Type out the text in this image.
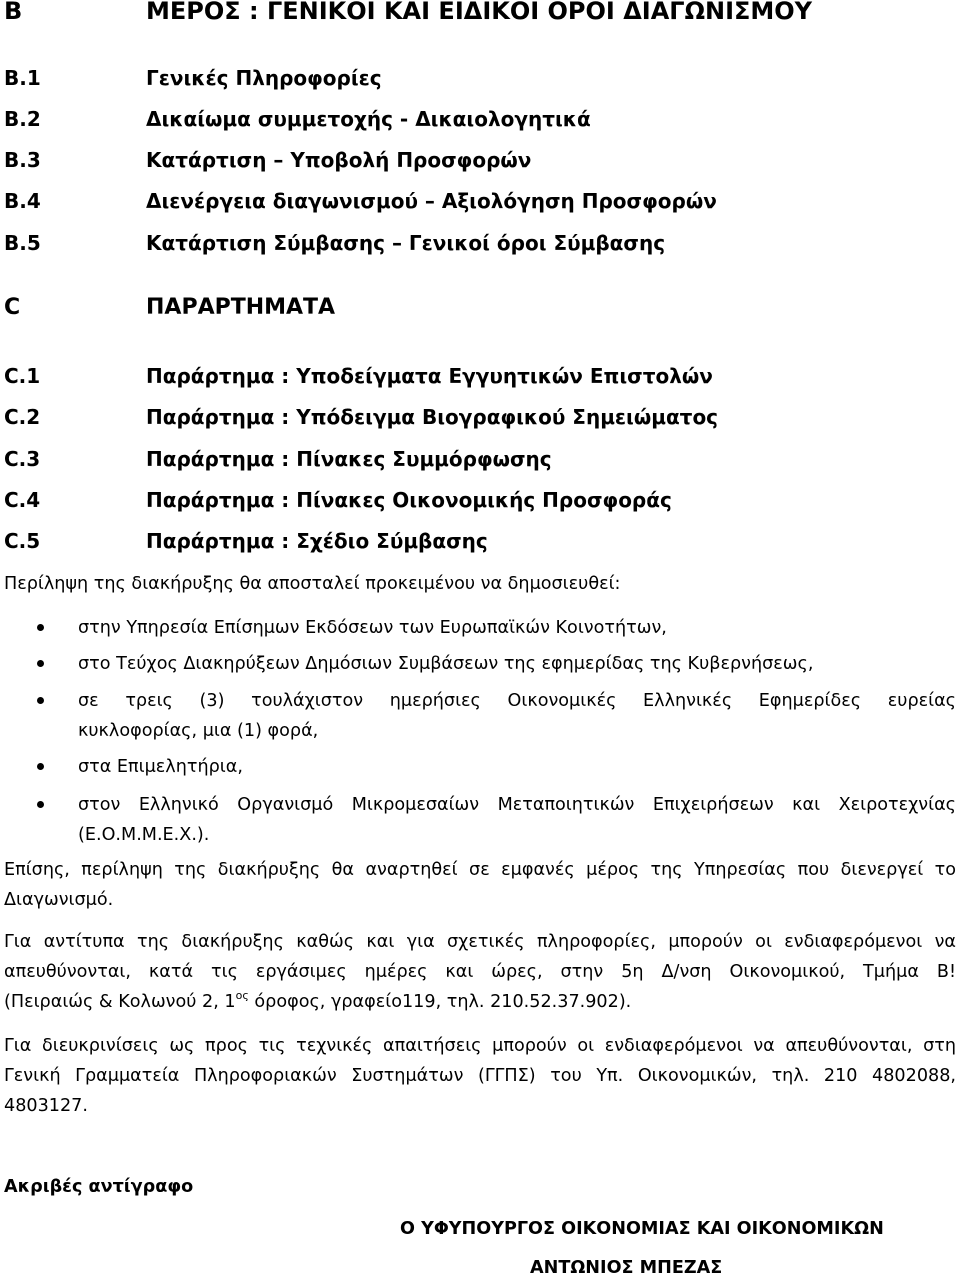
B	ΜΕΡΟΣ : ΓΕΝΙΚΟΙ ΚΑΙ ΕΙΔΙΚΟΙ ΟΡΟΙ ΔΙΑΓΩΝΙΣΜΟΥ
B.1	Γενικές Πληροφορίες
B.2	Δικαίωμα συμμετοχής - Δικαιολογητικά
B.3	Κατάρτιση – Υποβολή Προσφορών
B.4	Διενέργεια διαγωνισμού – Αξιολόγηση Προσφορών
B.5	Κατάρτιση Σύμβασης – Γενικοί όροι Σύμβασης
C	ΠΑΡΑΡΤΗΜΑΤΑ
C.1	Παράρτημα : Υποδείγματα Εγγυητικών Επιστολών
C.2	Παράρτημα : Υπόδειγμα Βιογραφικού Σημειώματος
C.3	Παράρτημα : Πίνακες Συμμόρφωσης
C.4	Παράρτημα : Πίνακες Οικονομικής Προσφοράς
C.5	Παράρτημα : Σχέδιο Σύμβασης
Περίληψη της διακήρυξης θα αποσταλεί προκειμένου να δημοσιευθεί:
στην Υπηρεσία Επίσημων Εκδόσεων των Ευρωπαϊκών Κοινοτήτων,
στο Τεύχος Διακηρύξεων Δημόσιων Συμβάσεων της εφημερίδας της Κυβερνήσεως,
σε τρεις (3) τουλάχιστον ημερήσιες Οικονομικές Ελληνικές Εφημερίδες ευρείας
κυκλοφορίας, μια (1) φορά,
στα Επιμελητήρια,
στον Ελληνικό Οργανισμό Μικρομεσαίων Μεταποιητικών Επιχειρήσεων και Χειροτεχνίας
(Ε.Ο.Μ.Μ.Ε.Χ.).
Επίσης, περίληψη της διακήρυξης θα αναρτηθεί σε εμφανές μέρος της Υπηρεσίας που διενεργεί το
Διαγωνισμό.
Για αντίτυπα της διακήρυξης καθώς και για σχετικές πληροφορίες, μπορούν οι ενδιαφερόμενοι να
απευθύνονται, κατά τις εργάσιμες ημέρες και ώρες, στην 5η Δ/νση Οικονομικού, Τμήμα Β!
(Πειραιώς & Κολωνού 2, $1^{o\varsigma}$ όροφος, γραφείο119, τηλ. 210.52.37.902).
Για διευκρινίσεις ως προς τις τεχνικές απαιτήσεις μπορούν οι ενδιαφερόμενοι να απευθύνονται, στη
Γενική Γραμματεία Πληροφοριακών Συστημάτων (ΓΓΠΣ) του Υπ. Οικονομικών, τηλ. 210 4802088,
4803127.
Ακριβές αντίγραφο
Ο ΥΦΥΠΟΥΡΓΟΣ ΟΙΚΟΝΟΜΙΑΣ ΚΑΙ ΟΙΚΟΝΟΜΙΚΩΝ
ΑΝΤΩΝΙΟΣ ΜΠΕΖΑΣ
